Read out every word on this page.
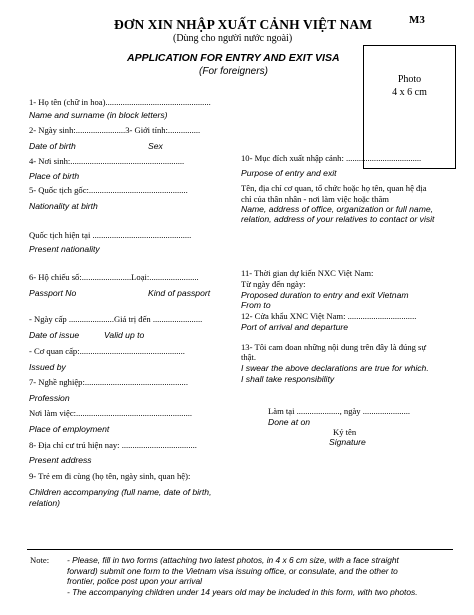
ĐƠN XIN NHẬP XUẤT CẢNH VIỆT NAM	M3
(Dùng cho người nước ngoài)
APPLICATION FOR ENTRY AND EXIT VISA
(For foreigners)
Photo
4 x 6 cm
1- Họ tên (chữ in hoa).................................................
Name and surname (in block letters)
2- Ngày sinh:.......................3- Giới tính:...............
Date of birth	Sex
4- Nơi sinh:.....................................................
Place of birth
5- Quốc tịch gốc:..............................................
Nationality at birth
Quốc tịch hiện tại ..............................................
Present nationality
6- Hộ chiếu số:.......................Loại:.......................
Passport No	Kind of passport
- Ngày cấp .....................Giá trị đến .......................
Date of issue	Valid up to
- Cơ quan cấp:.................................................
Issued by
7- Nghề nghiệp:................................................
Profession
Nơi làm việc:......................................................
Place of employment
8- Địa chỉ cư trú hiện nay: ...................................
Present address
9- Trẻ em đi cùng (họ tên, ngày sinh, quan hệ):
Children accompanying (full name, date of birth,
relation)
10- Mục đích xuất nhập cảnh: ...................................
Purpose of entry and exit
Tên, địa chỉ cơ quan, tổ chức hoặc họ tên, quan hệ địa
chỉ của thân nhân - nơi làm việc hoặc thăm
Name, address of office, organization or full name,
relation, address of your relatives to contact or visit
11- Thời gian dự kiến NXC Việt Nam:
Từ ngày đến ngày:
Proposed duration to entry and exit Vietnam
From to
12- Cửa khẩu XNC Việt Nam: ................................
Port of arrival and departure
13- Tôi cam đoan những nội dung trên đây là đúng sự
thật.
I swear the above declarations are true for which.
I shall take responsibility
Làm tại ...................., ngày ......................
Done at on
Ký tên
Signature
Note: - Please, fill in two forms (attaching two latest photos, in 4 x 6 cm size, with a face straight
forward) submit one form to the Vietnam visa issuing office, or consulate, and the other to
frontier, police post upon your arrival
- The accompanying children under 14 years old may be included in this form, with two photos.
